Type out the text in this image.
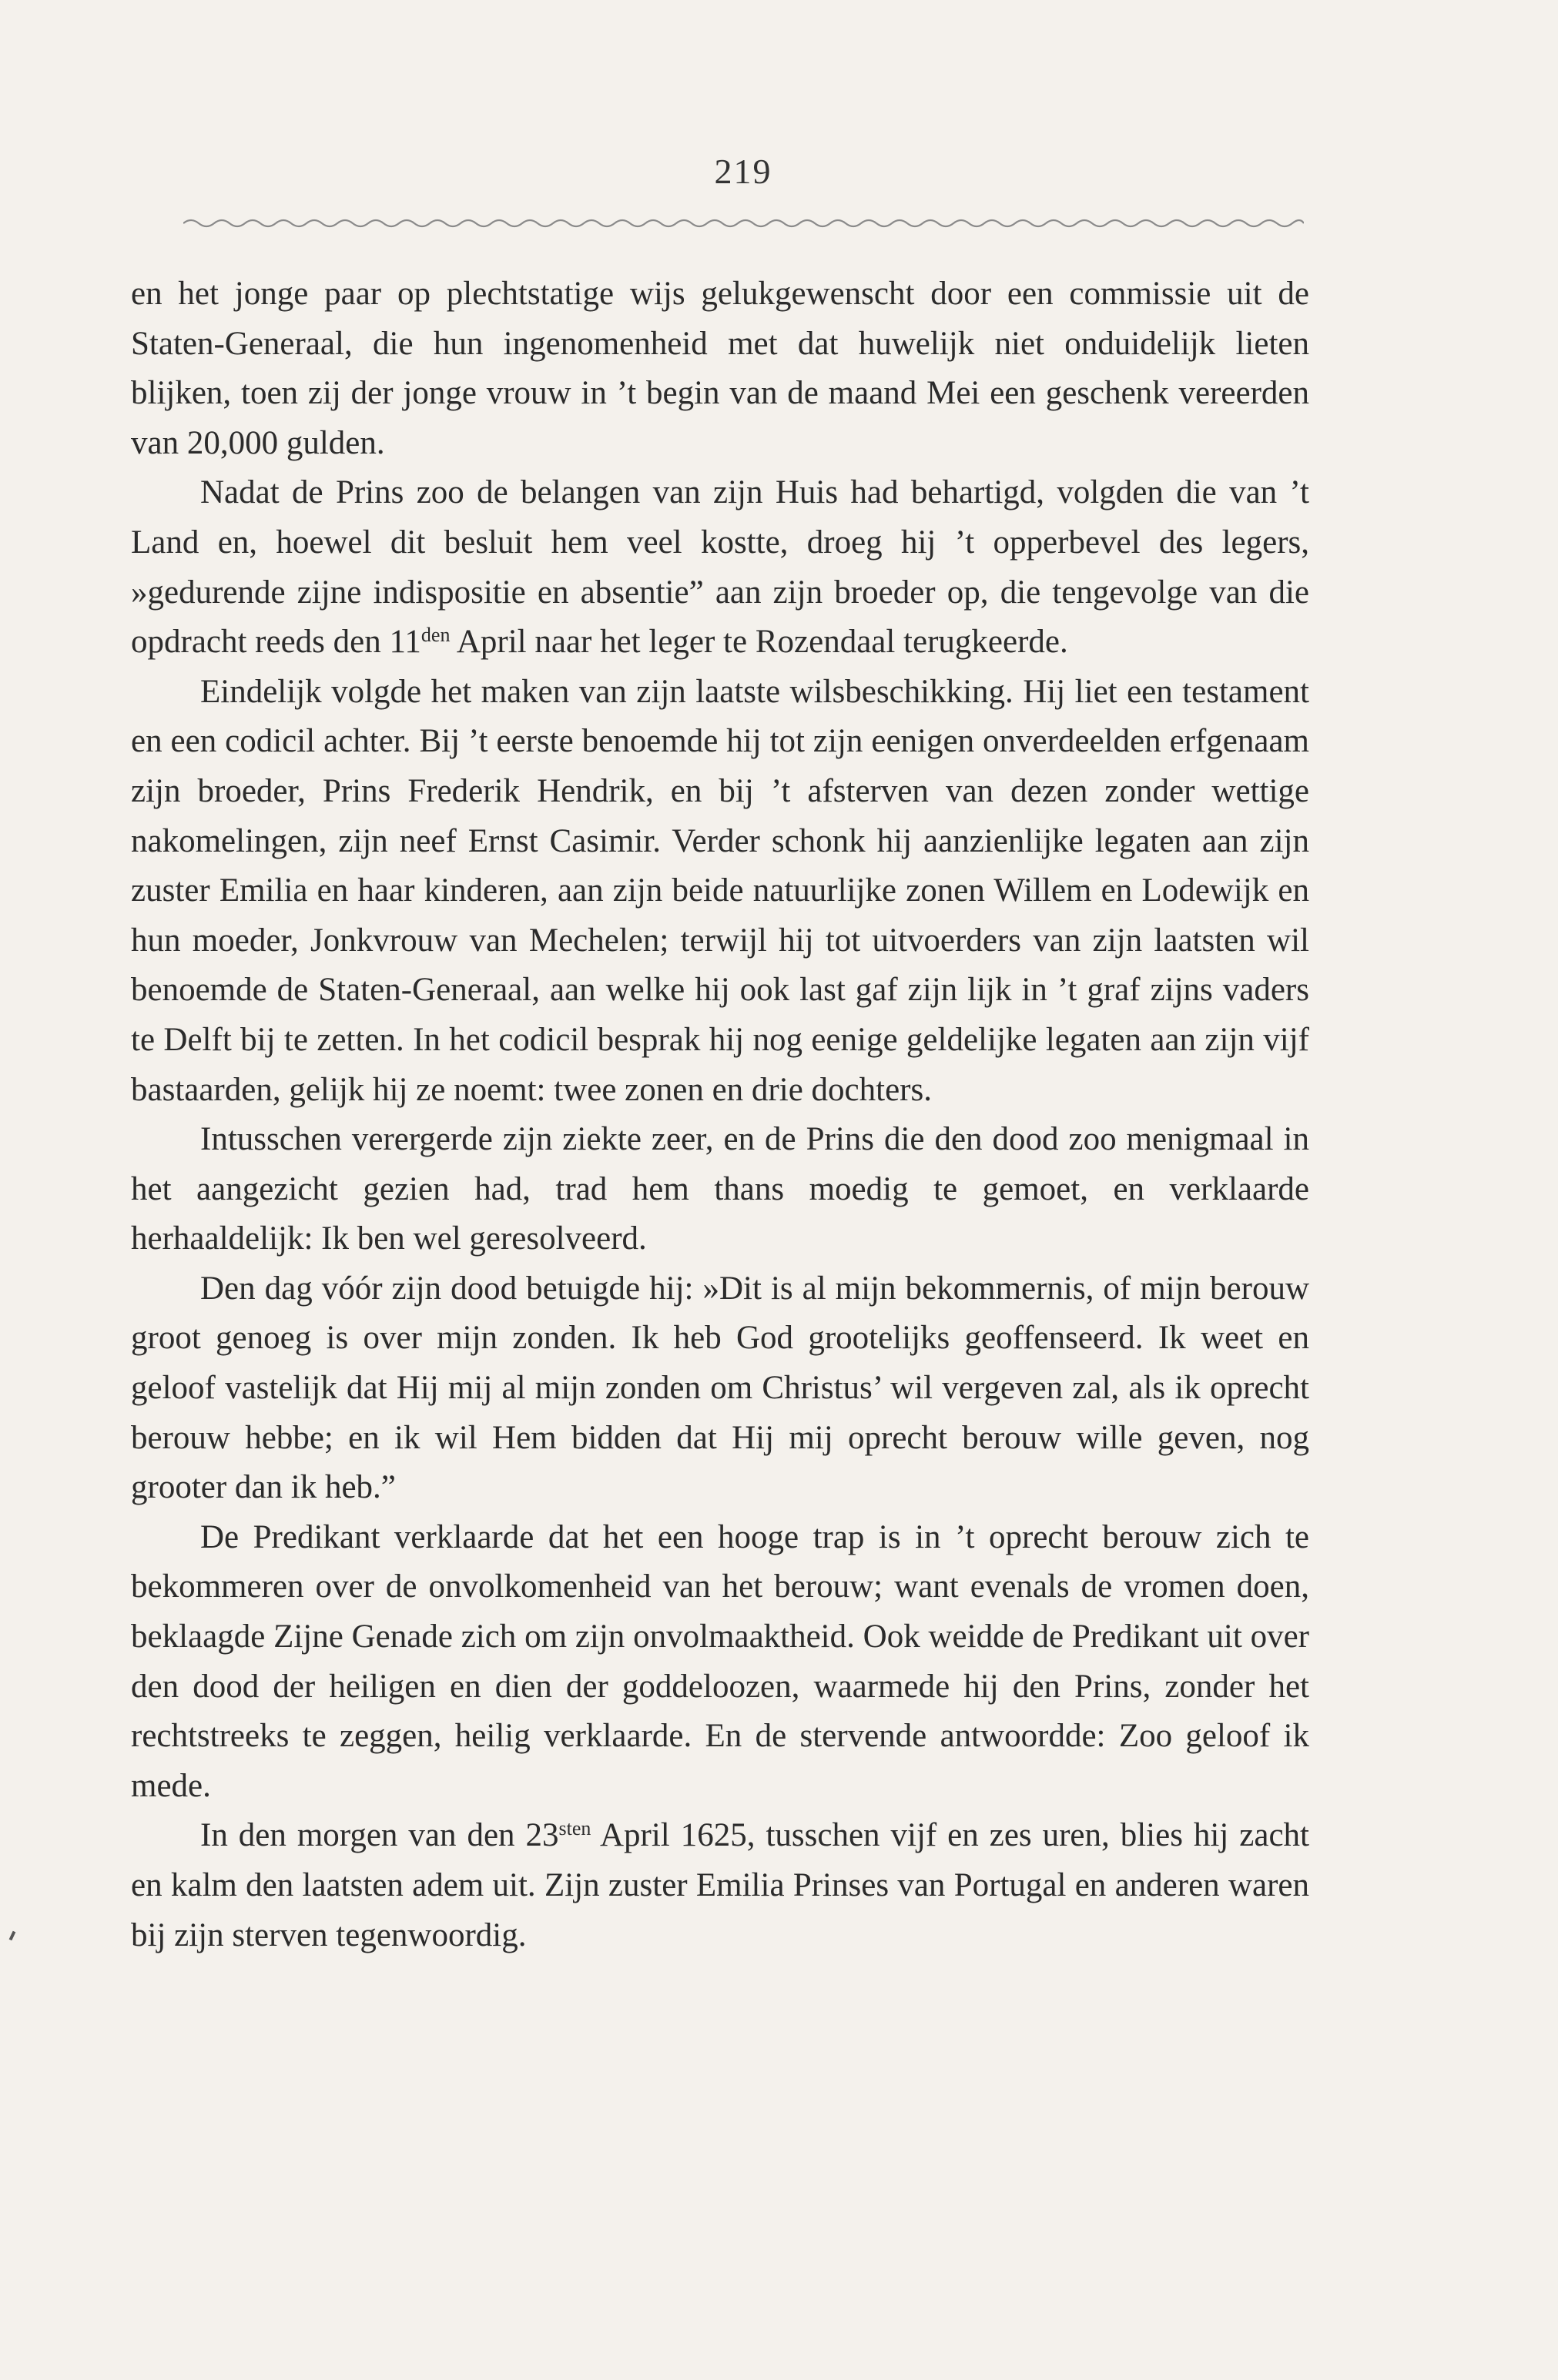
219

en het jonge paar op plechtstatige wijs gelukgewenscht door een commissie uit de Staten-Generaal, die hun ingenomenheid met dat huwelijk niet onduidelijk lieten blijken, toen zij der jonge vrouw in ’t begin van de maand Mei een geschenk vereerden van 20,000 gulden.

Nadat de Prins zoo de belangen van zijn Huis had behartigd, volgden die van ’t Land en, hoewel dit besluit hem veel kostte, droeg hij ’t opperbevel des legers, »gedurende zijne indispositie en absentie” aan zijn broeder op, die tengevolge van die opdracht reeds den $11^{den}$ April naar het leger te Rozendaal terugkeerde.

Eindelijk volgde het maken van zijn laatste wilsbeschikking. Hij liet een testament en een codicil achter. Bij ’t eerste benoemde hij tot zijn eenigen onverdeelden erfgenaam zijn broeder, Prins Frederik Hendrik, en bij ’t afsterven van dezen zonder wettige nakomelingen, zijn neef Ernst Casimir. Verder schonk hij aanzienlijke legaten aan zijn zuster Emilia en haar kinderen, aan zijn beide natuurlijke zonen Willem en Lodewijk en hun moeder, Jonkvrouw van Mechelen; terwijl hij tot uitvoerders van zijn laatsten wil benoemde de Staten-Generaal, aan welke hij ook last gaf zijn lijk in ’t graf zijns vaders te Delft bij te zetten. In het codicil besprak hij nog eenige geldelijke legaten aan zijn vijf bastaarden, gelijk hij ze noemt: twee zonen en drie dochters.

Intusschen verergerde zijn ziekte zeer, en de Prins die den dood zoo menigmaal in het aangezicht gezien had, trad hem thans moedig te gemoet, en verklaarde herhaaldelijk: Ik ben wel geresolveerd.

Den dag vóór zijn dood betuigde hij: »Dit is al mijn bekommernis, of mijn berouw groot genoeg is over mijn zonden. Ik heb God grootelijks geoffenseerd. Ik weet en geloof vastelijk dat Hij mij al mijn zonden om Christus’ wil vergeven zal, als ik oprecht berouw hebbe; en ik wil Hem bidden dat Hij mij oprecht berouw wille geven, nog grooter dan ik heb.”

De Predikant verklaarde dat het een hooge trap is in ’t oprecht berouw zich te bekommeren over de onvolkomenheid van het berouw; want evenals de vromen doen, beklaagde Zijne Genade zich om zijn onvolmaaktheid. Ook weidde de Predikant uit over den dood der heiligen en dien der goddeloozen, waarmede hij den Prins, zonder het rechtstreeks te zeggen, heilig verklaarde. En de stervende antwoordde: Zoo geloof ik mede.

In den morgen van den $23^{sten}$ April 1625, tusschen vijf en zes uren, blies hij zacht en kalm den laatsten adem uit. Zijn zuster Emilia Prinses van Portugal en anderen waren bij zijn sterven tegenwoordig.
